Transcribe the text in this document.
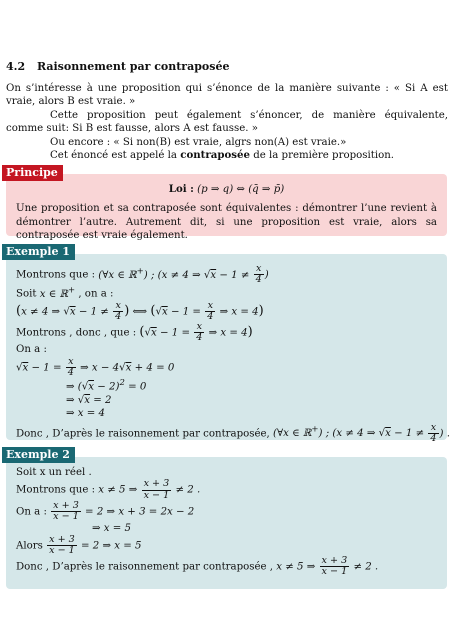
4.2 Raisonnement par contraposée

On s’intéresse à une proposition qui s’énonce de la manière suivante : « Si A est vraie, alors B est vraie. »

Cette proposition peut également s’énoncer, de manière équivalente, comme suit: Si B est fausse, alors A est fausse. »

Ou encore : « Si non(B) est vraie, algrs non(A) est vraie.»

Cet énoncé est appelé la contraposée de la première proposition.

Loi : (p ⇒ q) ⇔ (q̄ ⇒ p̄)
Une proposition et sa contraposée sont équivalentes : démontrer l’une revient à démontrer l’autre. Autrement dit, si une proposition est vraie, alors sa contraposée est vraie également.
Principe
Montrons que : (∀x ∈ ℝ+) ; (x ≠ 4 ⇒ $√x - 1 \ne \frac{x}{4}$ )
Soit x ∈ ℝ+ , on a :
(x ≠ 4 ⇒ $√x - 1 \ne \frac{x}{4}$ ) ⟺ ($√x - 1 = \frac{x}{4}$ ⇒ x = 4)
Montrons , donc , que : ($√x - 1 = \frac{x}{4}$ ⇒ x = 4)
On a :
$√x - 1 = \frac{x}{4}$ ⇒ x − 4√x + 4 = 0
⇒ $(√x - 2)^2 = 0$
⇒ √x = 2
⇒ x = 4
Donc , D’après le raisonnement par contraposée, (∀x ∈ ℝ+) ; (x ≠ 4 ⇒ $√x - 1 \ne \frac{x}{4}$ ) .
Exemple 1
Soit x un réel .
Montrons que : x ≠ 5 ⇒ $\frac{x + 3}{x - 1} \ne 2$ .
On a : $\frac{x + 3}{x - 1} = 2$ ⇒ x + 3 = 2x − 2
⇒ x = 5
Alors $\frac{x + 3}{x - 1} = 2$ ⇒ x = 5
Donc , D’après le raisonnement par contraposée , x ≠ 5 ⇒ $\frac{x + 3}{x - 1} \ne 2$ .
Exemple 2
